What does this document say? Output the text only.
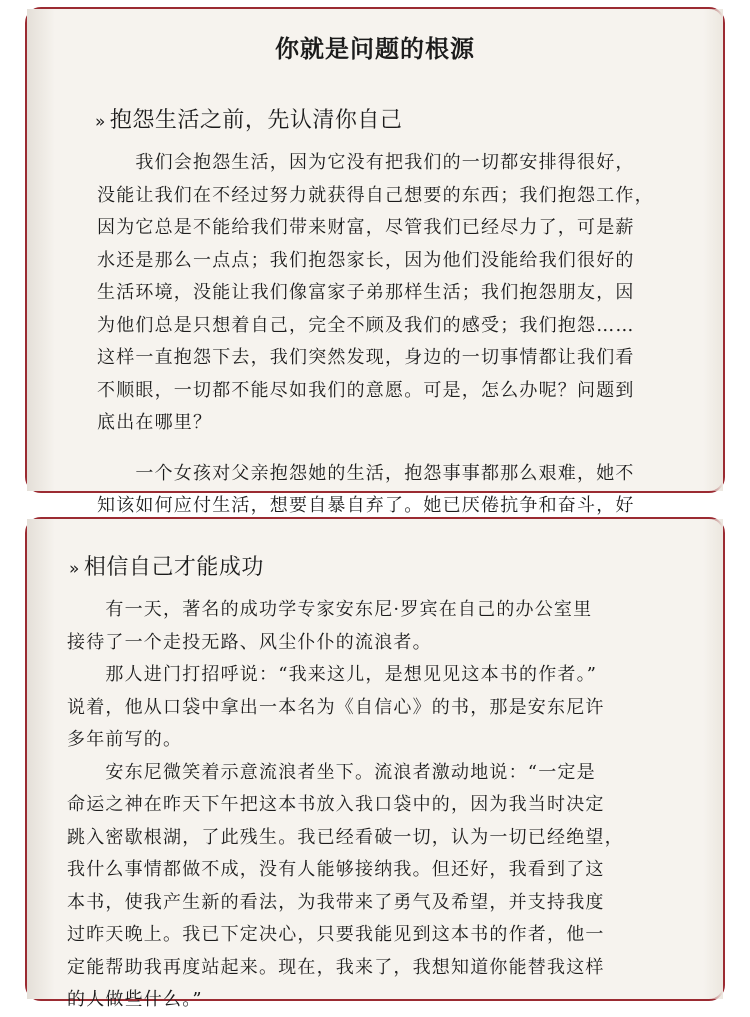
你就是问题的根源
» 抱怨生活之前，先认清你自己
　　我们会抱怨生活，因为它没有把我们的一切都安排得很好，
没能让我们在不经过努力就获得自己想要的东西；我们抱怨工作，
因为它总是不能给我们带来财富，尽管我们已经尽力了，可是薪
水还是那么一点点；我们抱怨家长，因为他们没能给我们很好的
生活环境，没能让我们像富家子弟那样生活；我们抱怨朋友，因
为他们总是只想着自己，完全不顾及我们的感受；我们抱怨……
这样一直抱怨下去，我们突然发现，身边的一切事情都让我们看
不顺眼，一切都不能尽如我们的意愿。可是，怎么办呢？问题到
底出在哪里？
　　一个女孩对父亲抱怨她的生活，抱怨事事都那么艰难，她不
知该如何应付生活，想要自暴自弃了。她已厌倦抗争和奋斗，好
» 相信自己才能成功
　　有一天，著名的成功学专家安东尼·罗宾在自己的办公室里
接待了一个走投无路、风尘仆仆的流浪者。
　　那人进门打招呼说：“我来这儿，是想见见这本书的作者。”
说着，他从口袋中拿出一本名为《自信心》的书，那是安东尼许
多年前写的。
　　安东尼微笑着示意流浪者坐下。流浪者激动地说：“一定是
命运之神在昨天下午把这本书放入我口袋中的，因为我当时决定
跳入密歇根湖，了此残生。我已经看破一切，认为一切已经绝望，
我什么事情都做不成，没有人能够接纳我。但还好，我看到了这
本书，使我产生新的看法，为我带来了勇气及希望，并支持我度
过昨天晚上。我已下定决心，只要我能见到这本书的作者，他一
定能帮助我再度站起来。现在，我来了，我想知道你能替我这样
的人做些什么。”
